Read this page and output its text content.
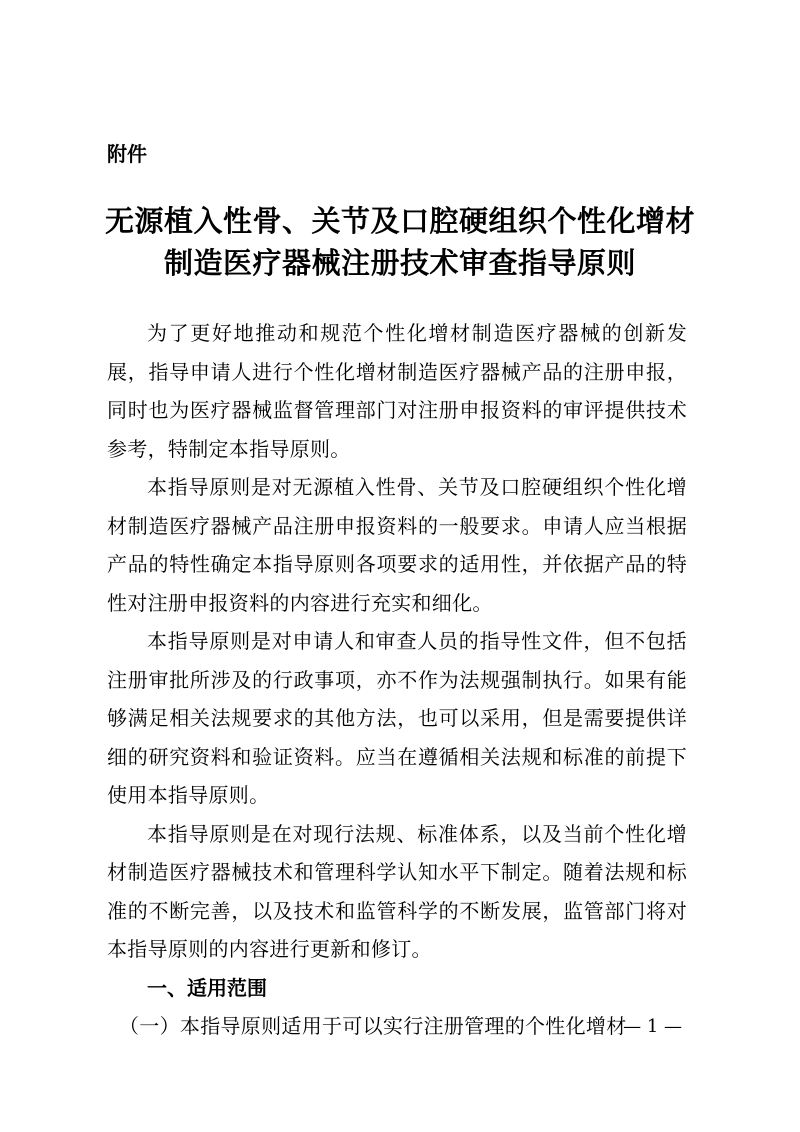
附件

无源植入性骨、关节及口腔硬组织个性化增材
制造医疗器械注册技术审查指导原则

为了更好地推动和规范个性化增材制造医疗器械的创新发展，指导申请人进行个性化增材制造医疗器械产品的注册申报，同时也为医疗器械监督管理部门对注册申报资料的审评提供技术参考，特制定本指导原则。

本指导原则是对无源植入性骨、关节及口腔硬组织个性化增材制造医疗器械产品注册申报资料的一般要求。申请人应当根据产品的特性确定本指导原则各项要求的适用性，并依据产品的特性对注册申报资料的内容进行充实和细化。

本指导原则是对申请人和审查人员的指导性文件，但不包括注册审批所涉及的行政事项，亦不作为法规强制执行。如果有能够满足相关法规要求的其他方法，也可以采用，但是需要提供详细的研究资料和验证资料。应当在遵循相关法规和标准的前提下使用本指导原则。

本指导原则是在对现行法规、标准体系，以及当前个性化增材制造医疗器械技术和管理科学认知水平下制定。随着法规和标准的不断完善，以及技术和监管科学的不断发展，监管部门将对本指导原则的内容进行更新和修订。

一、适用范围

（一）本指导原则适用于可以实行注册管理的个性化增材

— 1 —
